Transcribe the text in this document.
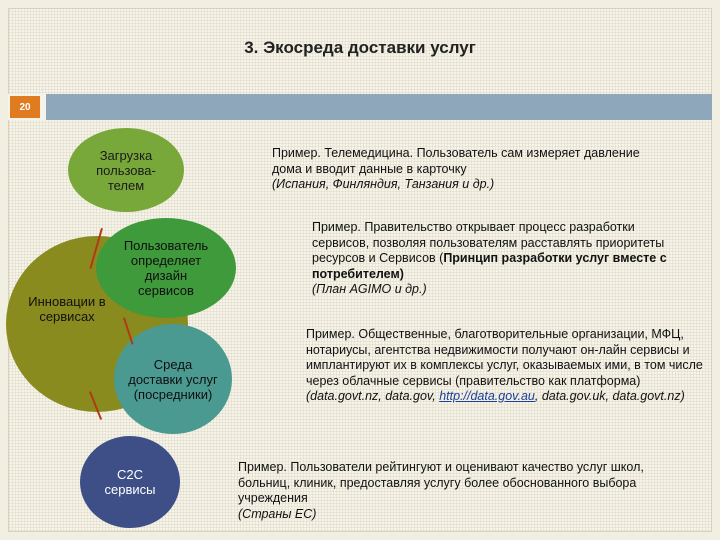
3. Экосреда доставки услуг
20
Инновации в сервисах
Загрузка пользова-телем
Пользователь определяет дизайн сервисов
Среда доставки услуг (посредники)
С2С сервисы
Пример. Телемедицина. Пользователь сам измеряет давление дома и вводит данные в карточку
(Испания, Финляндия, Танзания и др.)
Пример. Правительство открывает процесс разработки сервисов, позволяя пользователям расставлять приоритеты ресурсов и Сервисов (Принцип разработки услуг вместе с потребителем)
(План AGIMO и др.)
Пример. Общественные, благотворительные организации, МФЦ, нотариусы, агентства недвижимости получают он-лайн сервисы и имплантируют их в комплексы услуг, оказываемых ими, в том числе через облачные сервисы (правительство как платформа)
(data.govt.nz, data.gov, http://data.gov.au, data.gov.uk, data.govt.nz)
Пример. Пользователи рейтингуют и оценивают качество услуг школ, больниц, клиник, предоставляя услугу более обоснованного выбора учреждения
(Страны ЕС)
